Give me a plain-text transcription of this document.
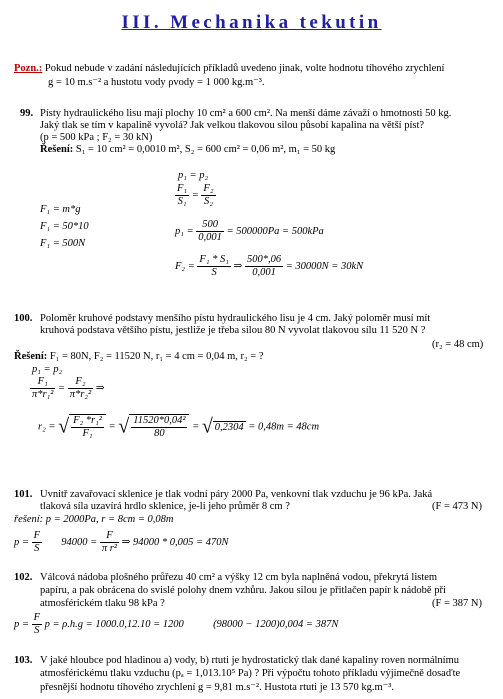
III. Mechanika tekutin
Pozn.: Pokud nebude v zadání následujících příkladů uvedeno jinak, volte hodnotu tíhového zrychlení
g = 10 m.s⁻² a hustotu vody ρvody = 1 000 kg.m⁻³.
99. Písty hydraulického lisu mají plochy 10 cm² a 600 cm². Na menší dáme závaží o hmotnosti 50 kg.
Jaký tlak se tím v kapalině vyvolá? Jak velkou tlakovou silou působí kapalina na větší píst?
(p = 500 kPa ; F₂ = 30 kN)
Řešení: S₁ = 10 cm² = 0,0010 m², S₂ = 600 cm² = 0,06 m², m₁ = 50 kg
F₁ = m*g
F₁ = 50*10
F₁ = 500N
p₁ = p₂
$\frac{\text{F₁}}{\text{S₁}} = \frac{\text{F₂}}{\text{S₂}}$
$p_1 = \frac{500}{0,001} = 500000Pa = 500kPa$
$F_2 = \frac{\text{F₁ * S₁}}{S}$ ⇒ $\frac{500*,06}{0,001} = 30000N = 30kN$
100. Poloměr kruhové podstavy menšího pístu hydraulického lisu je 4 cm. Jaký poloměr musí mít
kruhová podstava většího pístu, jestliže je třeba silou 80 N vyvolat tlakovou sílu 11 520 N ?
(r₂ = 48 cm)
Řešení: F₁ = 80N, F₂ = 11520 N, r₁ = 4 cm = 0,04 m, r₂ = ?
p₁ = p₂
$\frac{\text{F₁}}{\text{π*r₁²}} = \frac{\text{F₂}}{\text{π*r₂²}}$ ⇒
r₂ = √ $\frac{\text{F₂ *r₁²}}{\text{F₁}}$ = √ $\frac{\text{11520*0,04²}}{80}$ = √ 0,2304 = 0,48m = 48cm
101. Uvnitř zavařovací sklenice je tlak vodní páry 2000 Pa, venkovní tlak vzduchu je 96 kPa. Jaká
tlaková síla uzavírá hrdlo sklenice, je-li jeho průměr 8 cm ?	(F = 473 N)
řešení: p = 2000Pa, r = 8cm = 0,08m
$p = \frac{F}{S} 94000 = \frac{F}{\text{π r²}}$ ⇒ 94000 * 0,005 = 470N
102. Válcová nádoba plošného průřezu 40 cm² a výšky 12 cm byla naplněná vodou, překrytá listem
papíru, a pak obrácena do svislé polohy dnem vzhůru. Jakou silou je přitlačen papír k nádobě při
atmosférickém tlaku 98 kPa ?	(F = 387 N)
$p = \frac{F}{S}$ p = ρ.h.g = 1000.0,12.10 = 1200	(98000 − 1200)0,004 = 387N
103. V jaké hloubce pod hladinou a) vody, b) rtuti je hydrostatický tlak dané kapaliny roven normálnímu
atmosférickému tlaku vzduchu (pₐ = 1,013.10⁵ Pa) ? Při výpočtu tohoto příkladu výjimečně dosaďte
přesnější hodnotu tíhového zrychlení g = 9,81 m.s⁻². Hustota rtuti je 13 570 kg.m⁻³.
